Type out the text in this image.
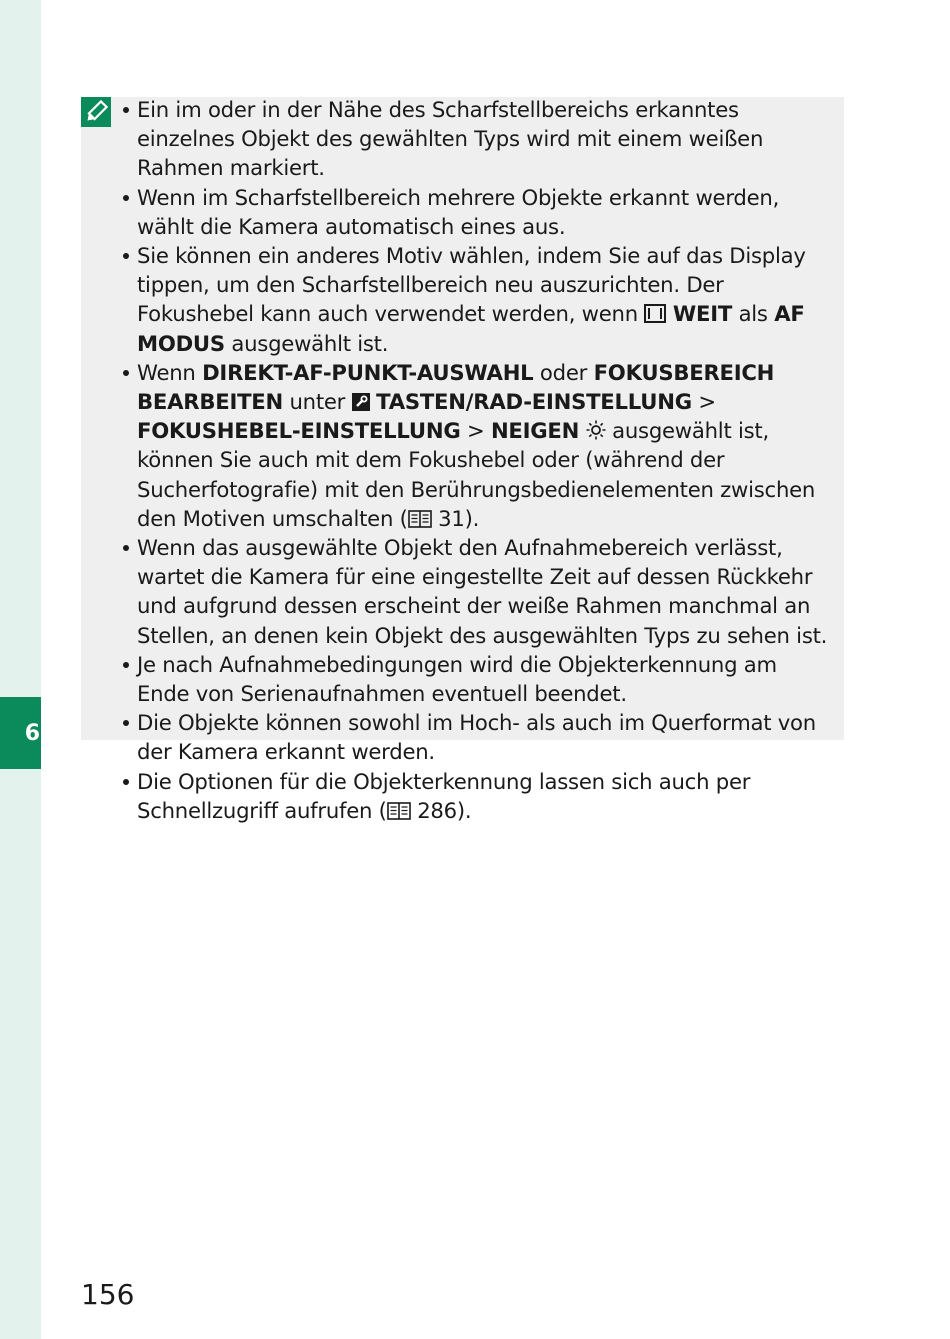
6
Ein im oder in der Nähe des Scharfstellbereichs erkanntes einzelnes Objekt des gewählten Typs wird mit einem weißen Rahmen markiert.
Wenn im Scharfstellbereich mehrere Objekte erkannt werden, wählt die Kamera automatisch eines aus.
Sie können ein anderes Motiv wählen, indem Sie auf das Display tippen, um den Scharfstellbereich neu auszurichten. Der Fokushebel kann auch verwendet werden, wenn  WEIT als AF MODUS ausgewählt ist.
Wenn DIREKT-AF-PUNKT-AUSWAHL oder FOKUSBEREICH BEARBEITEN unter  TASTEN/RAD-EINSTELLUNG > FOKUSHEBEL-EINSTELLUNG > NEIGEN  ausgewählt ist, können Sie auch mit dem Fokushebel oder (während der Sucherfotografie) mit den Berührungsbedienelementen zwischen den Motiven umschalten ( 31).
Wenn das ausgewählte Objekt den Aufnahmebereich verlässt, wartet die Kamera für eine eingestellte Zeit auf dessen Rückkehr und aufgrund dessen erscheint der weiße Rahmen manchmal an Stellen, an denen kein Objekt des ausgewählten Typs zu sehen ist.
Je nach Aufnahmebedingungen wird die Objekterkennung am Ende von Serienaufnahmen eventuell beendet.
Die Objekte können sowohl im Hoch- als auch im Querformat von der Kamera erkannt werden.
Die Optionen für die Objekterkennung lassen sich auch per Schnellzugriff aufrufen ( 286).
156
